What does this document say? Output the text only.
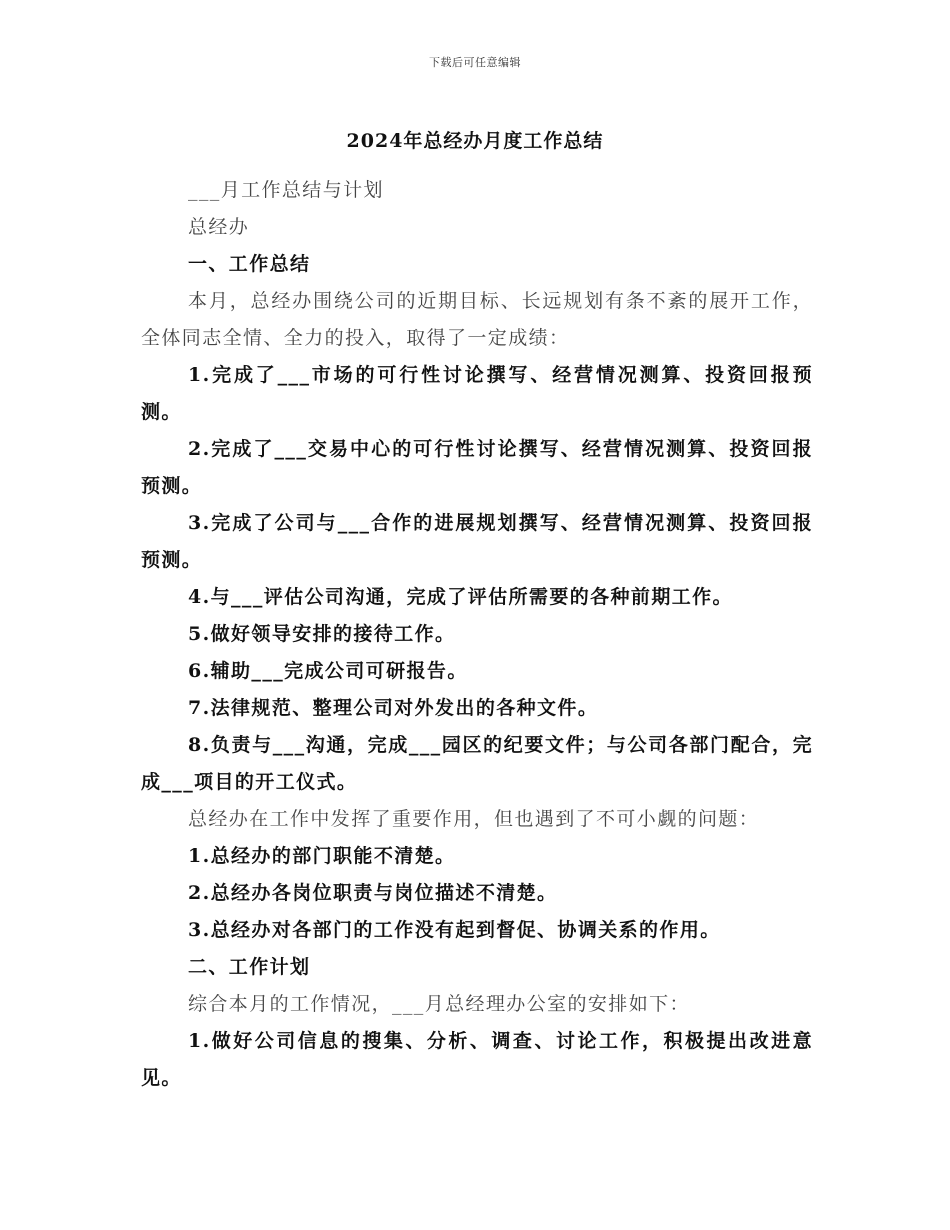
下载后可任意编辑
2024年总经办月度工作总结

___月工作总结与计划

总经办

一、工作总结

本月，总经办围绕公司的近期目标、长远规划有条不紊的展开工作，全体同志全情、全力的投入，取得了一定成绩：

1.完成了___市场的可行性讨论撰写、经营情况测算、投资回报预测。

2.完成了___交易中心的可行性讨论撰写、经营情况测算、投资回报预测。

3.完成了公司与___合作的进展规划撰写、经营情况测算、投资回报预测。

4.与___评估公司沟通，完成了评估所需要的各种前期工作。

5.做好领导安排的接待工作。

6.辅助___完成公司可研报告。

7.法律规范、整理公司对外发出的各种文件。

8.负责与___沟通，完成___园区的纪要文件；与公司各部门配合，完成___项目的开工仪式。

总经办在工作中发挥了重要作用，但也遇到了不可小觑的问题：

1.总经办的部门职能不清楚。

2.总经办各岗位职责与岗位描述不清楚。

3.总经办对各部门的工作没有起到督促、协调关系的作用。

二、工作计划

综合本月的工作情况，___月总经理办公室的安排如下：

1.做好公司信息的搜集、分析、调查、讨论工作，积极提出改进意见。
